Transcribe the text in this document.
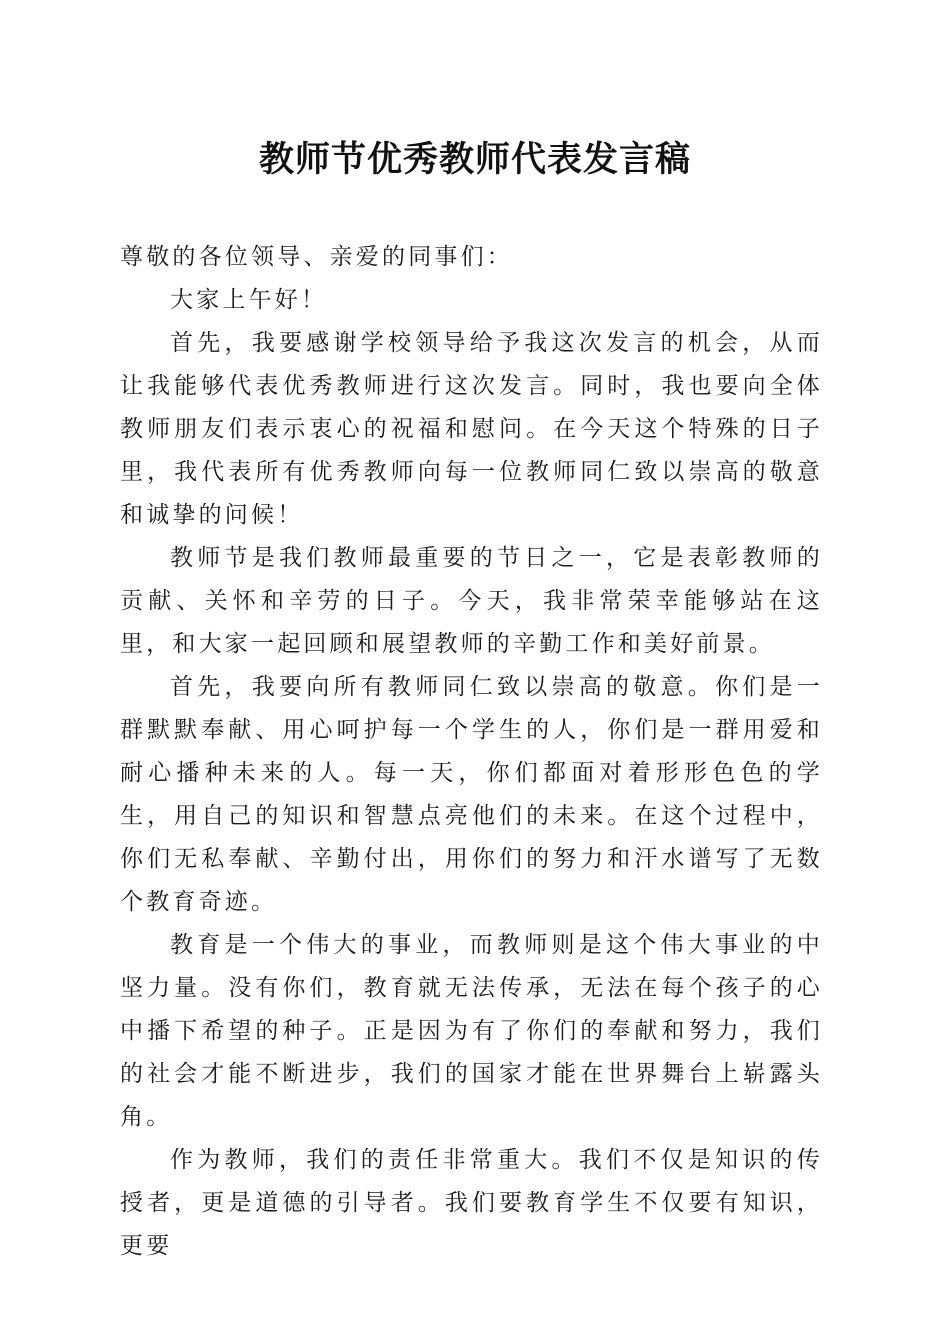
教师节优秀教师代表发言稿

尊敬的各位领导、亲爱的同事们：

大家上午好！

首先，我要感谢学校领导给予我这次发言的机会，从而让我能够代表优秀教师进行这次发言。同时，我也要向全体教师朋友们表示衷心的祝福和慰问。在今天这个特殊的日子里，我代表所有优秀教师向每一位教师同仁致以崇高的敬意和诚挚的问候！

教师节是我们教师最重要的节日之一，它是表彰教师的贡献、关怀和辛劳的日子。今天，我非常荣幸能够站在这里，和大家一起回顾和展望教师的辛勤工作和美好前景。

首先，我要向所有教师同仁致以崇高的敬意。你们是一群默默奉献、用心呵护每一个学生的人，你们是一群用爱和耐心播种未来的人。每一天，你们都面对着形形色色的学生，用自己的知识和智慧点亮他们的未来。在这个过程中，你们无私奉献、辛勤付出，用你们的努力和汗水谱写了无数个教育奇迹。

教育是一个伟大的事业，而教师则是这个伟大事业的中坚力量。没有你们，教育就无法传承，无法在每个孩子的心中播下希望的种子。正是因为有了你们的奉献和努力，我们的社会才能不断进步，我们的国家才能在世界舞台上崭露头角。

作为教师，我们的责任非常重大。我们不仅是知识的传授者，更是道德的引导者。我们要教育学生不仅要有知识，更要
